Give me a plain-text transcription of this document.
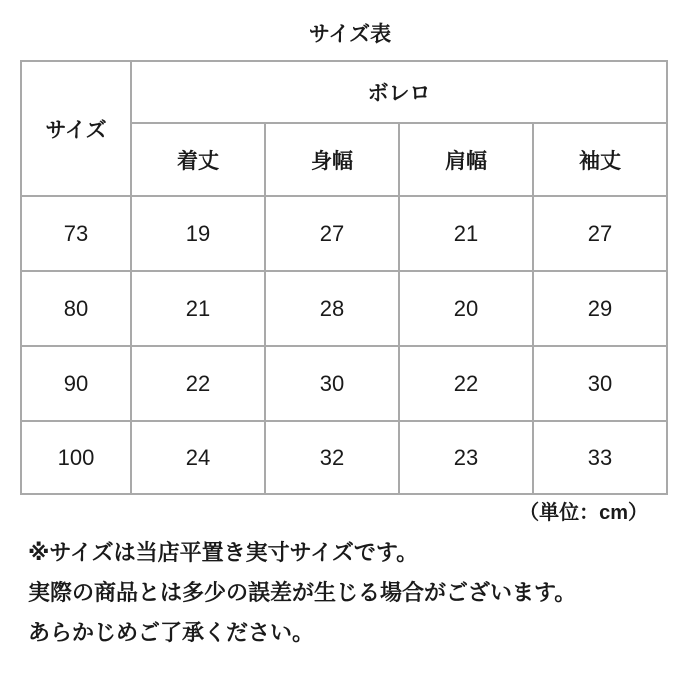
サイズ表
サイズ	ボレロ			
	着丈	身幅	肩幅	袖丈
73	19	27	21	27
80	21	28	20	29
90	22	30	22	30
100	24	32	23	33
（単位：cm）
※サイズは当店平置き実寸サイズです。
実際の商品とは多少の誤差が生じる場合がございます。
あらかじめご了承ください。
